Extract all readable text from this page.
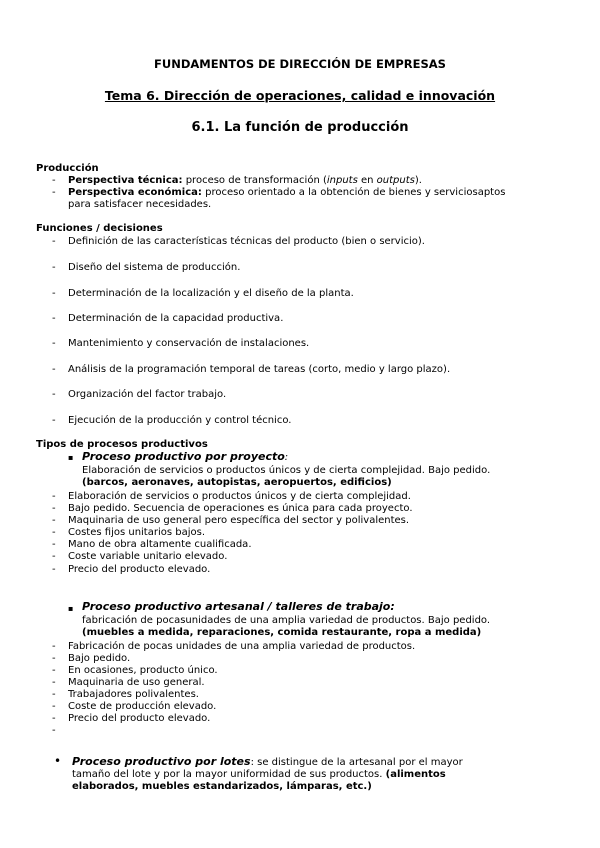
FUNDAMENTOS DE DIRECCIÓN DE EMPRESAS
Tema 6. Dirección de operaciones, calidad e innovación
6.1. La función de producción
Producción
- Perspectiva técnica: proceso de transformación (inputs en outputs).
- Perspectiva económica: proceso orientado a la obtención de bienes y serviciosaptos
para satisfacer necesidades.
Funciones / decisiones
- Definición de las características técnicas del producto (bien o servicio).
- Diseño del sistema de producción.
- Determinación de la localización y el diseño de la planta.
- Determinación de la capacidad productiva.
- Mantenimiento y conservación de instalaciones.
- Análisis de la programación temporal de tareas (corto, medio y largo plazo).
- Organización del factor trabajo.
- Ejecución de la producción y control técnico.
Tipos de procesos productivos
▪ Proceso productivo por proyecto:
Elaboración de servicios o productos únicos y de cierta complejidad. Bajo pedido.
(barcos, aeronaves, autopistas, aeropuertos, edificios)
- Elaboración de servicios o productos únicos y de cierta complejidad.
- Bajo pedido. Secuencia de operaciones es única para cada proyecto.
- Maquinaria de uso general pero específica del sector y polivalentes.
- Costes fijos unitarios bajos.
- Mano de obra altamente cualificada.
- Coste variable unitario elevado.
- Precio del producto elevado.
▪ Proceso productivo artesanal / talleres de trabajo:
fabricación de pocasunidades de una amplia variedad de productos. Bajo pedido.
(muebles a medida, reparaciones, comida restaurante, ropa a medida)
- Fabricación de pocas unidades de una amplia variedad de productos.
- Bajo pedido.
- En ocasiones, producto único.
- Maquinaria de uso general.
- Trabajadores polivalentes.
- Coste de producción elevado.
- Precio del producto elevado.
-
• Proceso productivo por lotes: se distingue de la artesanal por el mayor
tamaño del lote y por la mayor uniformidad de sus productos. (alimentos
elaborados, muebles estandarizados, lámparas, etc.)
